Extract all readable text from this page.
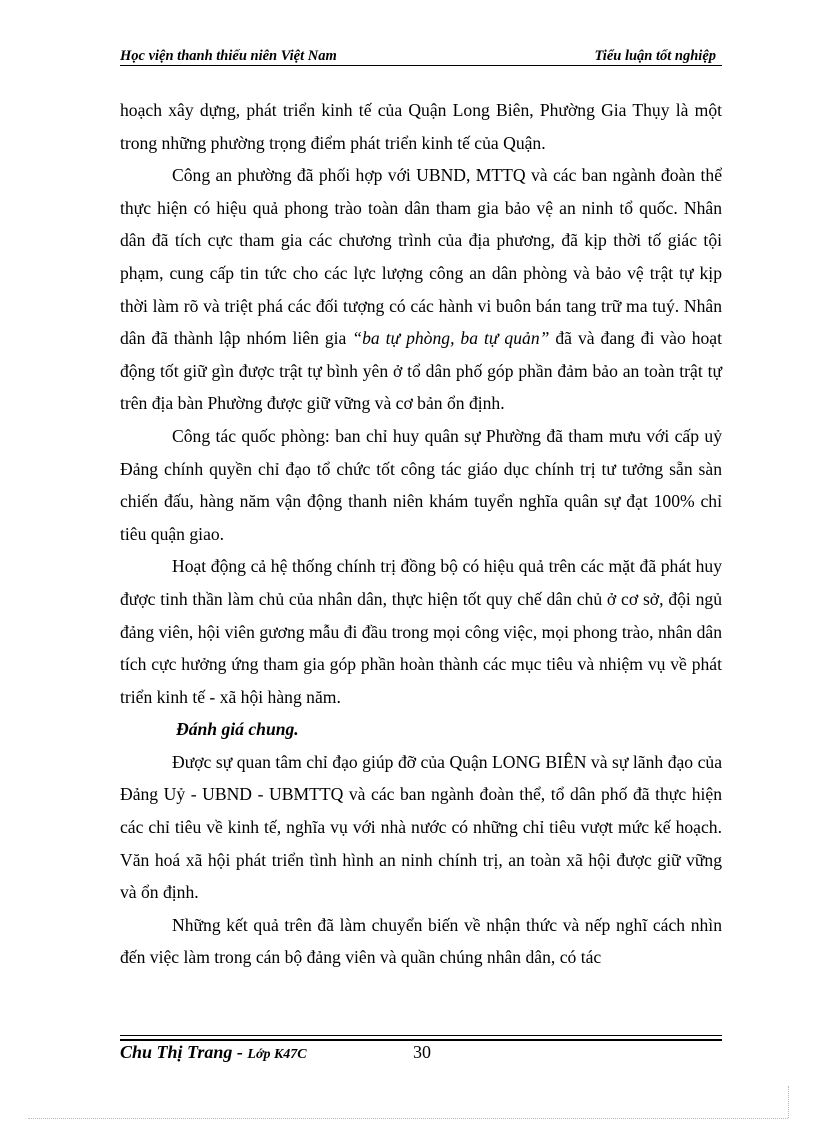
Học viện thanh thiếu niên Việt Nam	Tiểu luận tốt nghiệp

hoạch xây dựng, phát triển kinh tế của Quận Long Biên, Phường Gia Thụy là một trong những phường trọng điểm phát triển kinh tế của Quận.

Công an phường đã phối hợp với UBND, MTTQ và các ban ngành đoàn thể thực hiện có hiệu quả phong trào toàn dân tham gia bảo vệ an ninh tổ quốc. Nhân dân đã tích cực tham gia các chương trình của địa phương, đã kịp thời tố giác tội phạm, cung cấp tin tức cho các lực lượng công an dân phòng và bảo vệ trật tự kịp thời làm rõ và triệt phá các đối tượng có các hành vi buôn bán tang trữ ma tuý. Nhân dân đã thành lập nhóm liên gia “ba tự phòng, ba tự quản” đã và đang đi vào hoạt động tốt giữ gìn được trật tự bình yên ở tổ dân phố góp phần đảm bảo an toàn trật tự trên địa bàn Phường được giữ vững và cơ bản ổn định.

Công tác quốc phòng: ban chỉ huy quân sự Phường đã tham mưu với cấp uỷ Đảng chính quyền chỉ đạo tổ chức tốt công tác giáo dục chính trị tư tưởng sẵn sàn chiến đấu, hàng năm vận động thanh niên khám tuyển nghĩa quân sự đạt 100% chỉ tiêu quận giao.

Hoạt động cả hệ thống chính trị đồng bộ có hiệu quả trên các mặt đã phát huy được tinh thần làm chủ của nhân dân, thực hiện tốt quy chế dân chủ ở cơ sở, đội ngủ đảng viên, hội viên gương mẫu đi đầu trong mọi công việc, mọi phong trào, nhân dân tích cực hưởng ứng tham gia góp phần hoàn thành các mục tiêu và nhiệm vụ về phát triển kinh tế - xã hội hàng năm.

Đánh giá chung.

Được sự quan tâm chỉ đạo giúp đỡ của Quận LONG BIÊN và sự lãnh đạo của Đảng Uỷ - UBND - UBMTTQ và các ban ngành đoàn thể, tổ dân phố đã thực hiện các chỉ tiêu về kinh tế, nghĩa vụ với nhà nước có những chỉ tiêu vượt mức kế hoạch. Văn hoá xã hội phát triển tình hình an ninh chính trị, an toàn xã hội được giữ vững và ổn định.

Những kết quả trên đã làm chuyển biến về nhận thức và nếp nghĩ cách nhìn đến việc làm trong cán bộ đảng viên và quần chúng nhân dân, có tác

Chu Thị Trang - Lớp K47C	30
